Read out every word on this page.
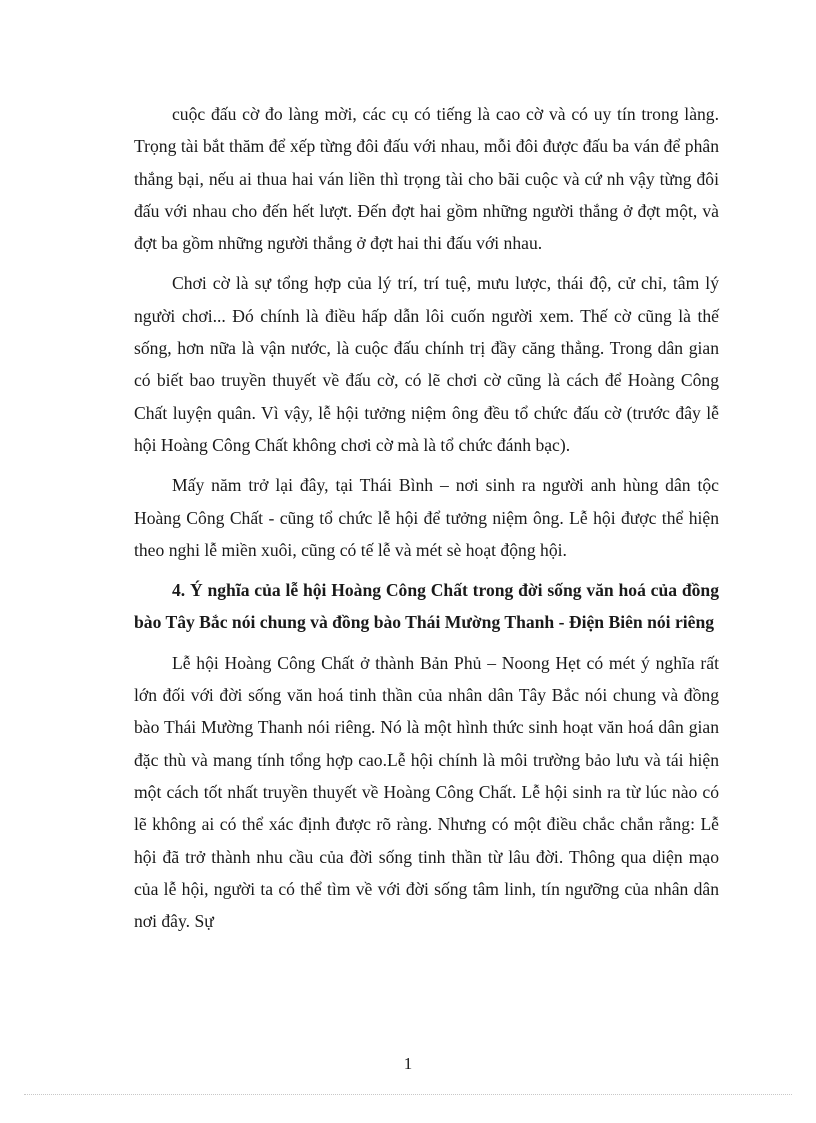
cuộc đấu cờ đo làng mời, các cụ có tiếng là cao cờ và có uy tín trong làng. Trọng tài bắt thăm để xếp từng đôi đấu với nhau, mỗi đôi được đấu ba ván để phân thắng bại, nếu ai thua hai ván liền thì trọng tài cho bãi cuộc và cứ nh vậy từng đôi đấu với nhau cho đến hết lượt. Đến đợt hai gồm những người thắng ở đợt một, và đợt ba gồm những người thắng ở đợt hai thi đấu với nhau.

Chơi cờ là sự tổng hợp của lý trí, trí tuệ, mưu lược, thái độ, cử chỉ, tâm lý người chơi... Đó chính là điều hấp dẫn lôi cuốn người xem. Thế cờ cũng là thế sống, hơn nữa là vận nước, là cuộc đấu chính trị đầy căng thẳng. Trong dân gian có biết bao truyền thuyết về đấu cờ, có lẽ chơi cờ cũng là cách để Hoàng Công Chất luyện quân. Vì vậy, lễ hội tưởng niệm ông đều tổ chức đấu cờ (trước đây lễ hội Hoàng Công Chất không chơi cờ mà là tổ chức đánh bạc).

Mấy năm trở lại đây, tại Thái Bình – nơi sinh ra người anh hùng dân tộc Hoàng Công Chất - cũng tổ chức lễ hội để tưởng niệm ông. Lễ hội được thể hiện theo nghi lễ miền xuôi, cũng có tế lễ và mét sè hoạt động hội.

4. Ý nghĩa của lễ hội Hoàng Công Chất trong đời sống văn hoá của đồng bào Tây Bắc nói chung và đồng bào Thái Mường Thanh - Điện Biên nói riêng

Lễ hội Hoàng Công Chất ở thành Bản Phủ – Noong Hẹt có mét ý nghĩa rất lớn đối với đời sống văn hoá tinh thần của nhân dân Tây Bắc nói chung và đồng bào Thái Mường Thanh nói riêng. Nó là một hình thức sinh hoạt văn hoá dân gian đặc thù và mang tính tổng hợp cao.Lễ hội chính là môi trường bảo lưu và tái hiện một cách tốt nhất truyền thuyết về Hoàng Công Chất. Lễ hội sinh ra từ lúc nào có lẽ không ai có thể xác định được rõ ràng. Nhưng có một điều chắc chắn rằng: Lễ hội đã trở thành nhu cầu của đời sống tinh thần từ lâu đời. Thông qua diện mạo của lễ hội, người ta có thể tìm về với đời sống tâm linh, tín ngưỡng của nhân dân nơi đây. Sự

1
